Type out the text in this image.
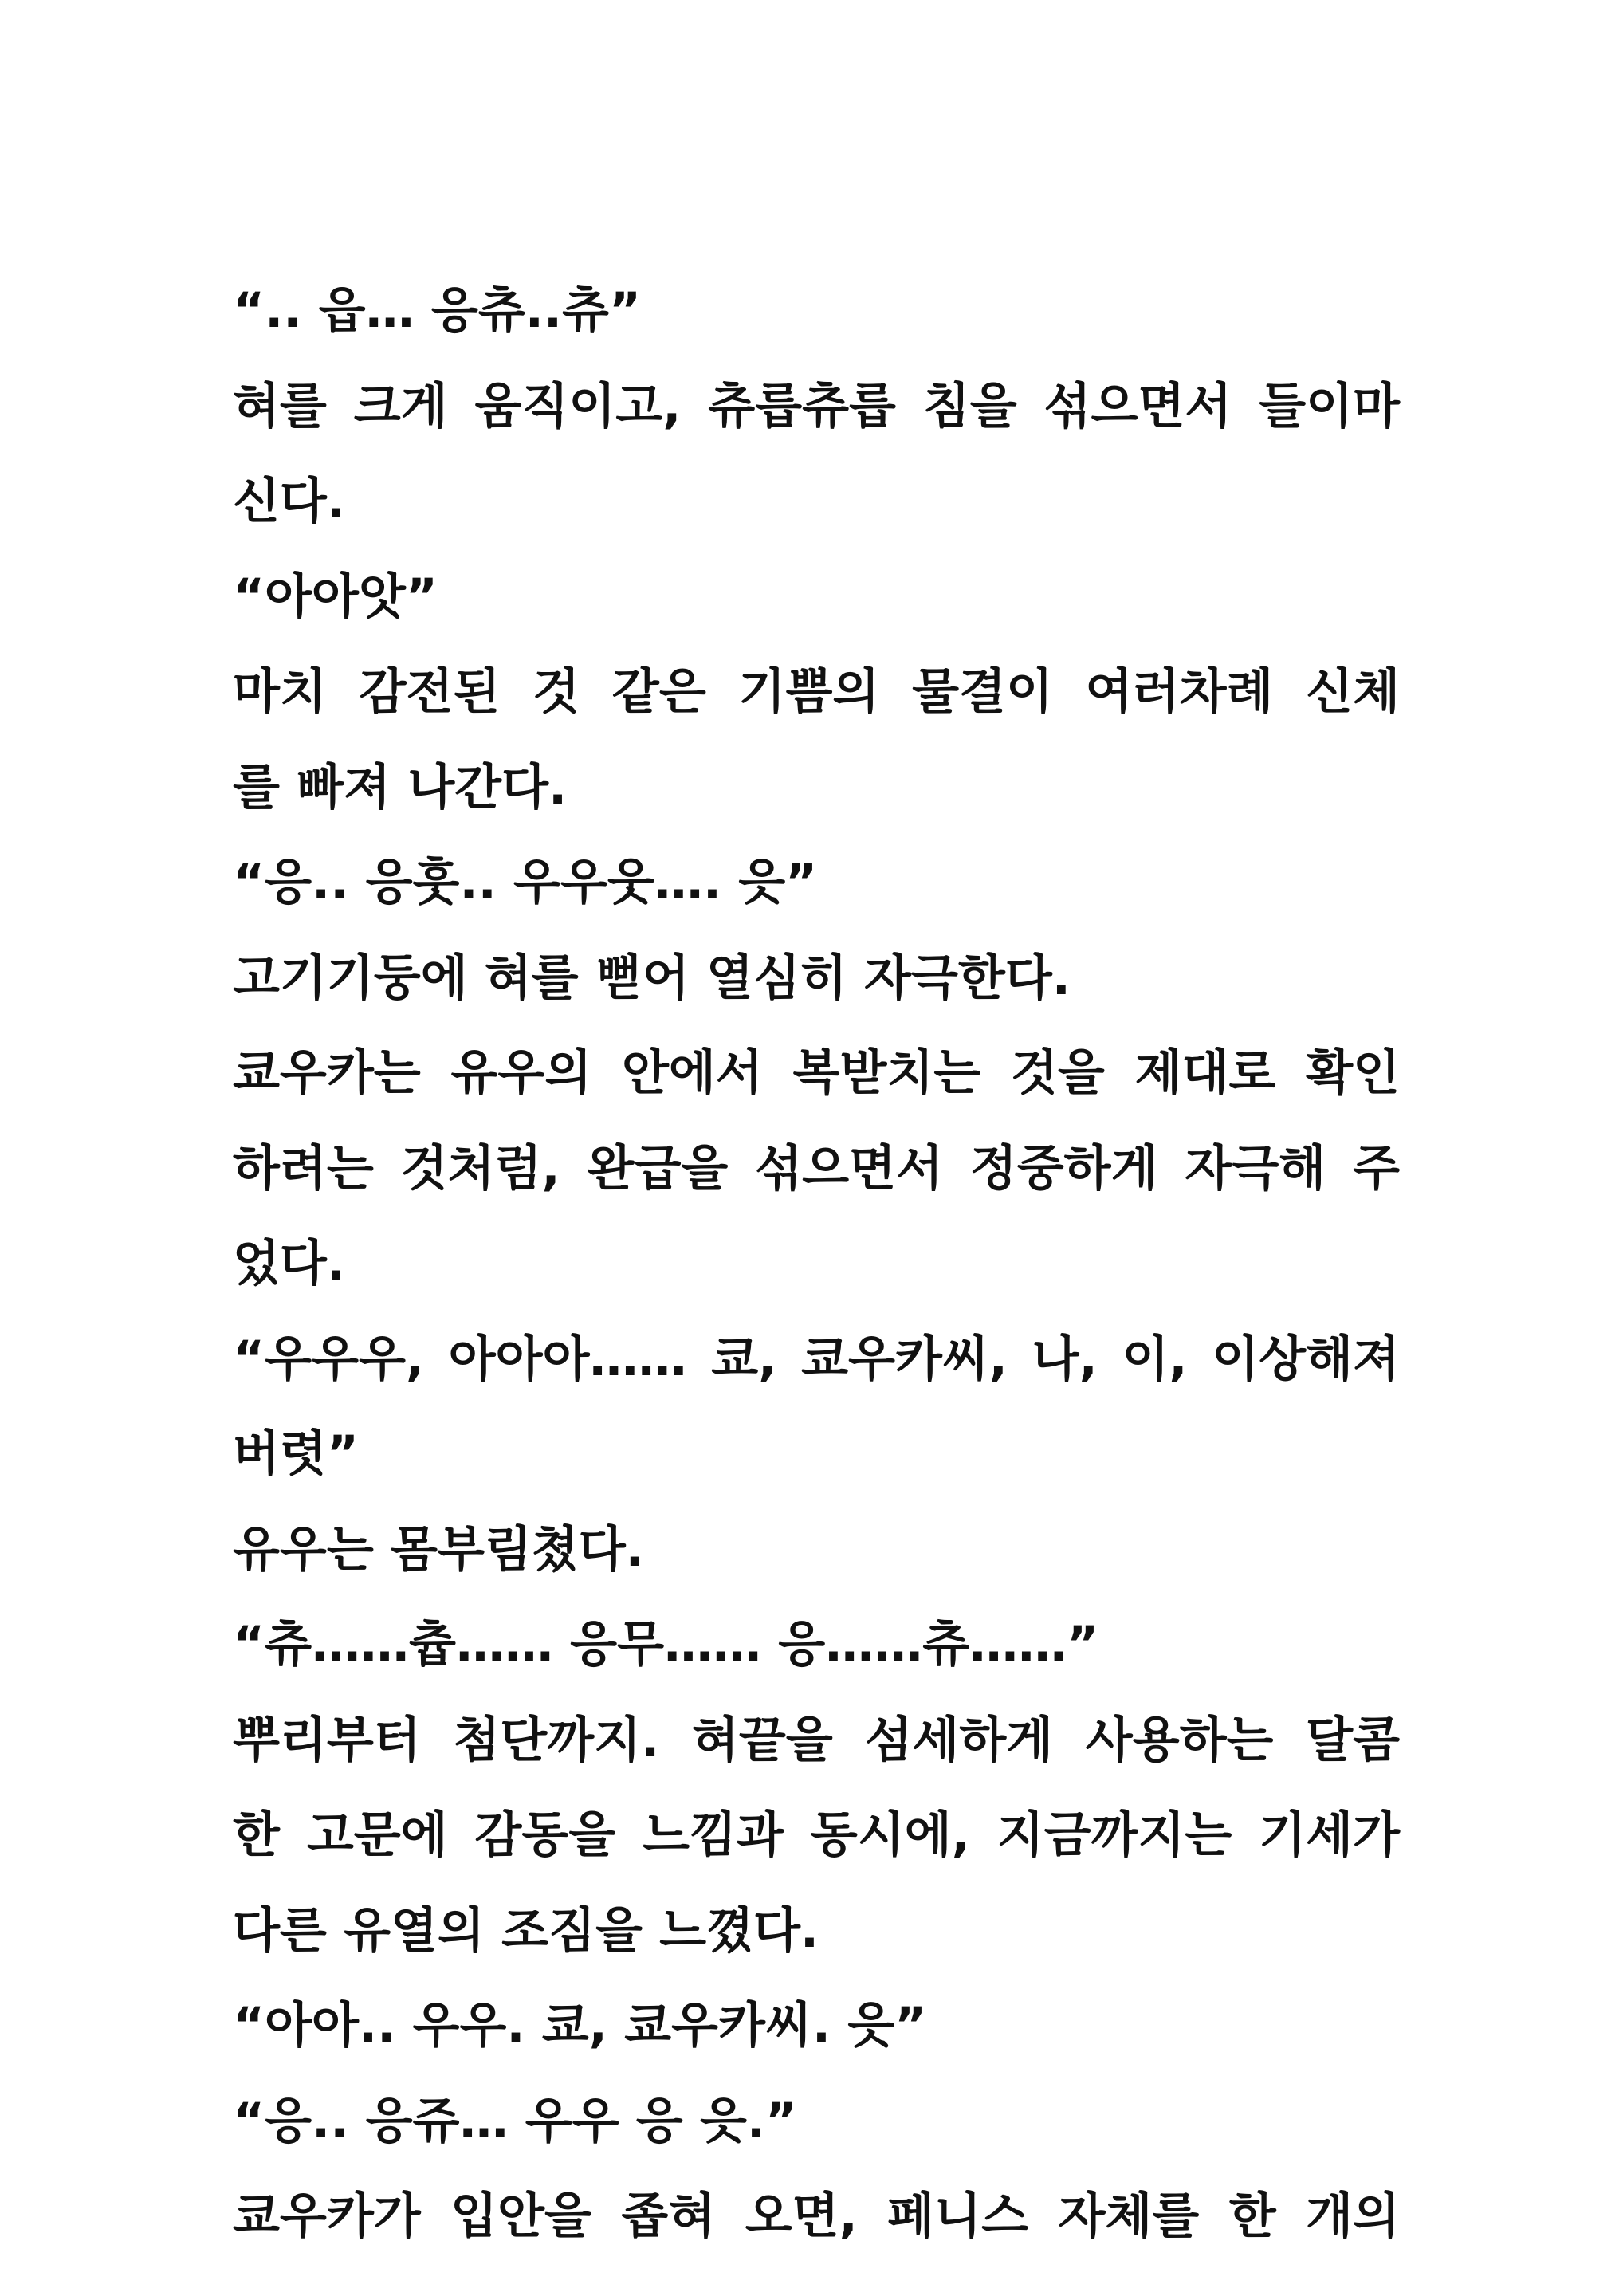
“.. 읍… 응츄..츄”
혀를 크게 움직이고, 츄릅츄릅 침을 섞으면서 들이마
신다.
“아아앗”
마치 감전된 것 같은 기쁨의 물결이 여러차례 신체
를 빠져 나간다.
“응.. 응훗.. 우우웃…. 읏”
고기기둥에 혀를 뻗어 열심히 자극한다.
쿄우카는 유우의 안에서 복받치는 것을 제대로 확인
하려는 것처럼, 완급을 섞으면서 정중하게 자극해 주
었다.
“우우우, 아아아…… 쿄, 쿄우카씨, 나, 이, 이상해져
버렷”
유우는 몸부림쳤다.
“츄……츕…… 응무…… 응……츄……”
뿌리부터 첨단까지. 혀끝을 섬세하게 사용하는 달콤
한 고문에 감동을 느낌과 동시에, 지금까지는 기세가
다른 유열의 조짐을 느꼈다.
“아아.. 우우. 쿄, 쿄우카씨. 읏”
“응.. 응쥬… 우우 응 읏.”
쿄우카가 입안을 좁혀 오면, 페니스 자체를 한 개의
